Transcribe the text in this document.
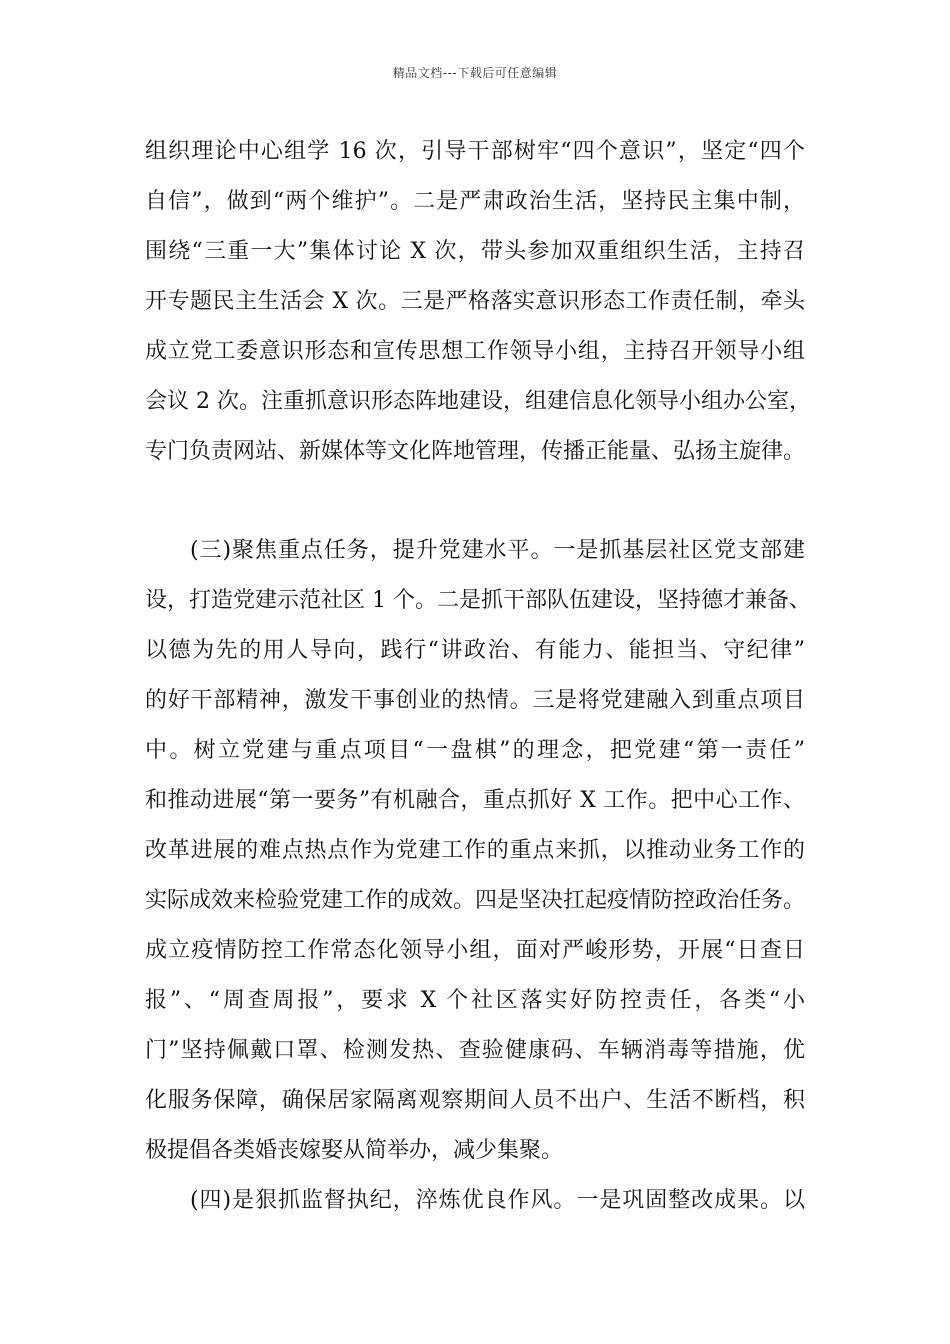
精品文档---下载后可任意编辑
组织理论中心组学 16 次，引导干部树牢“四个意识”，坚定“四个
自信”，做到“两个维护”。二是严肃政治生活，坚持民主集中制，
围绕“三重一大”集体讨论 X 次，带头参加双重组织生活，主持召
开专题民主生活会 X 次。三是严格落实意识形态工作责任制，牵头
成立党工委意识形态和宣传思想工作领导小组，主持召开领导小组
会议 2 次。注重抓意识形态阵地建设，组建信息化领导小组办公室，
专门负责网站、新媒体等文化阵地管理，传播正能量、弘扬主旋律。
(三)聚焦重点任务，提升党建水平。一是抓基层社区党支部建
设，打造党建示范社区 1 个。二是抓干部队伍建设，坚持德才兼备、
以德为先的用人导向，践行“讲政治、有能力、能担当、守纪律”
的好干部精神，激发干事创业的热情。三是将党建融入到重点项目
中。树立党建与重点项目“一盘棋”的理念，把党建“第一责任”
和推动进展“第一要务”有机融合，重点抓好 X 工作。把中心工作、
改革进展的难点热点作为党建工作的重点来抓，以推动业务工作的
实际成效来检验党建工作的成效。四是坚决扛起疫情防控政治任务。
成立疫情防控工作常态化领导小组，面对严峻形势，开展“日查日
报”、“周查周报”，要求 X 个社区落实好防控责任，各类“小
门”坚持佩戴口罩、检测发热、查验健康码、车辆消毒等措施，优
化服务保障，确保居家隔离观察期间人员不出户、生活不断档，积
极提倡各类婚丧嫁娶从简举办，减少集聚。
(四)是狠抓监督执纪，淬炼优良作风。一是巩固整改成果。以
